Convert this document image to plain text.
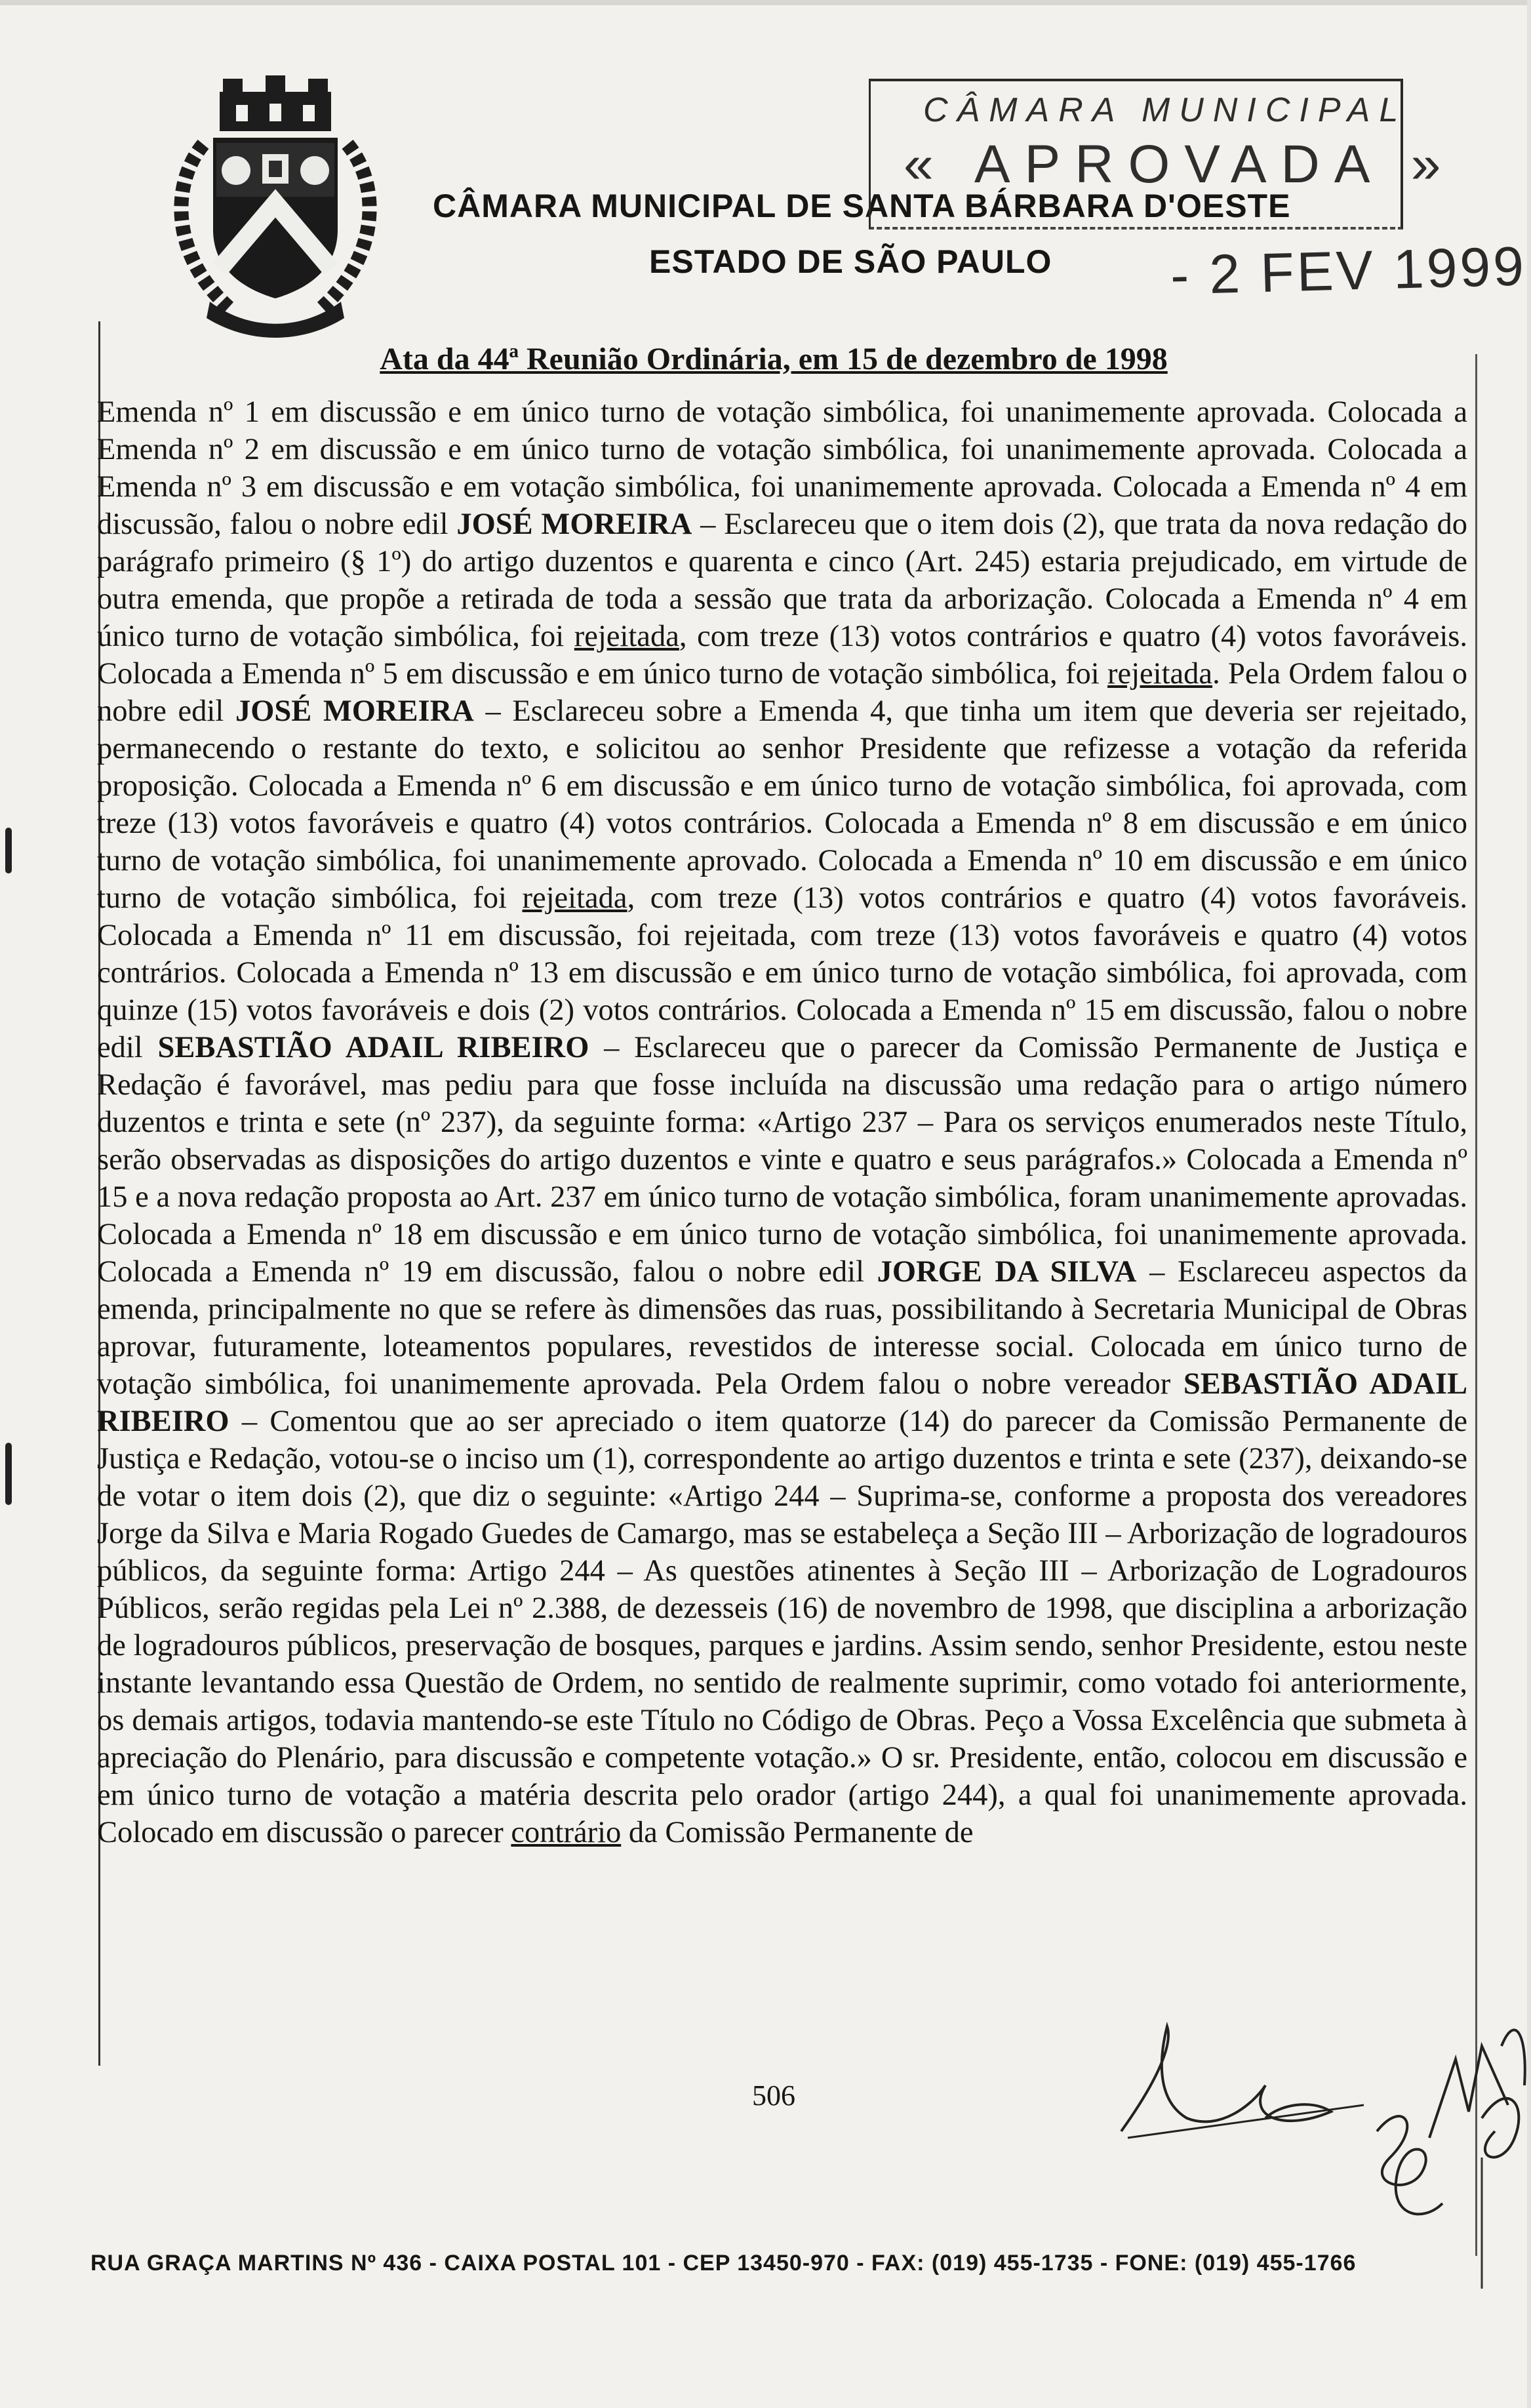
CÂMARA MUNICIPAL DE SANTA BÁRBARA D'OESTE

ESTADO DE SÃO PAULO

CÂMARA MUNICIPAL
« APROVADA »
- 2 FEV 1999
Ata da 44ª Reunião Ordinária, em 15 de dezembro de 1998

Emenda nº 1 em discussão e em único turno de votação simbólica, foi unanimemente aprovada. Colocada a Emenda nº 2 em discussão e em único turno de votação simbólica, foi unanimemente aprovada. Colocada a Emenda nº 3 em discussão e em votação simbólica, foi unanimemente aprovada. Colocada a Emenda nº 4 em discussão, falou o nobre edil JOSÉ MOREIRA – Esclareceu que o item dois (2), que trata da nova redação do parágrafo primeiro (§ 1º) do artigo duzentos e quarenta e cinco (Art. 245) estaria prejudicado, em virtude de outra emenda, que propõe a retirada de toda a sessão que trata da arborização. Colocada a Emenda nº 4 em único turno de votação simbólica, foi rejeitada, com treze (13) votos contrários e quatro (4) votos favoráveis. Colocada a Emenda nº 5 em discussão e em único turno de votação simbólica, foi rejeitada. Pela Ordem falou o nobre edil JOSÉ MOREIRA – Esclareceu sobre a Emenda 4, que tinha um item que deveria ser rejeitado, permanecendo o restante do texto, e solicitou ao senhor Presidente que refizesse a votação da referida proposição. Colocada a Emenda nº 6 em discussão e em único turno de votação simbólica, foi aprovada, com treze (13) votos favoráveis e quatro (4) votos contrários. Colocada a Emenda nº 8 em discussão e em único turno de votação simbólica, foi unanimemente aprovado. Colocada a Emenda nº 10 em discussão e em único turno de votação simbólica, foi rejeitada, com treze (13) votos contrários e quatro (4) votos favoráveis. Colocada a Emenda nº 11 em discussão, foi rejeitada, com treze (13) votos favoráveis e quatro (4) votos contrários. Colocada a Emenda nº 13 em discussão e em único turno de votação simbólica, foi aprovada, com quinze (15) votos favoráveis e dois (2) votos contrários. Colocada a Emenda nº 15 em discussão, falou o nobre edil SEBASTIÃO ADAIL RIBEIRO – Esclareceu que o parecer da Comissão Permanente de Justiça e Redação é favorável, mas pediu para que fosse incluída na discussão uma redação para o artigo número duzentos e trinta e sete (nº 237), da seguinte forma: «Artigo 237 – Para os serviços enumerados neste Título, serão observadas as disposições do artigo duzentos e vinte e quatro e seus parágrafos.» Colocada a Emenda nº 15 e a nova redação proposta ao Art. 237 em único turno de votação simbólica, foram unanimemente aprovadas. Colocada a Emenda nº 18 em discussão e em único turno de votação simbólica, foi unanimemente aprovada. Colocada a Emenda nº 19 em discussão, falou o nobre edil JORGE DA SILVA – Esclareceu aspectos da emenda, principalmente no que se refere às dimensões das ruas, possibilitando à Secretaria Municipal de Obras aprovar, futuramente, loteamentos populares, revestidos de interesse social. Colocada em único turno de votação simbólica, foi unanimemente aprovada. Pela Ordem falou o nobre vereador SEBASTIÃO ADAIL RIBEIRO – Comentou que ao ser apreciado o item quatorze (14) do parecer da Comissão Permanente de Justiça e Redação, votou-se o inciso um (1), correspondente ao artigo duzentos e trinta e sete (237), deixando-se de votar o item dois (2), que diz o seguinte: «Artigo 244 – Suprima-se, conforme a proposta dos vereadores Jorge da Silva e Maria Rogado Guedes de Camargo, mas se estabeleça a Seção III – Arborização de logradouros públicos, da seguinte forma: Artigo 244 – As questões atinentes à Seção III – Arborização de Logradouros Públicos, serão regidas pela Lei nº 2.388, de dezesseis (16) de novembro de 1998, que disciplina a arborização de logradouros públicos, preservação de bosques, parques e jardins. Assim sendo, senhor Presidente, estou neste instante levantando essa Questão de Ordem, no sentido de realmente suprimir, como votado foi anteriormente, os demais artigos, todavia mantendo-se este Título no Código de Obras. Peço a Vossa Excelência que submeta à apreciação do Plenário, para discussão e competente votação.» O sr. Presidente, então, colocou em discussão e em único turno de votação a matéria descrita pelo orador (artigo 244), a qual foi unanimemente aprovada. Colocado em discussão o parecer contrário da Comissão Permanente de

506

RUA GRAÇA MARTINS Nº 436 - CAIXA POSTAL 101 - CEP 13450-970 - FAX: (019) 455-1735 - FONE: (019) 455-1766
